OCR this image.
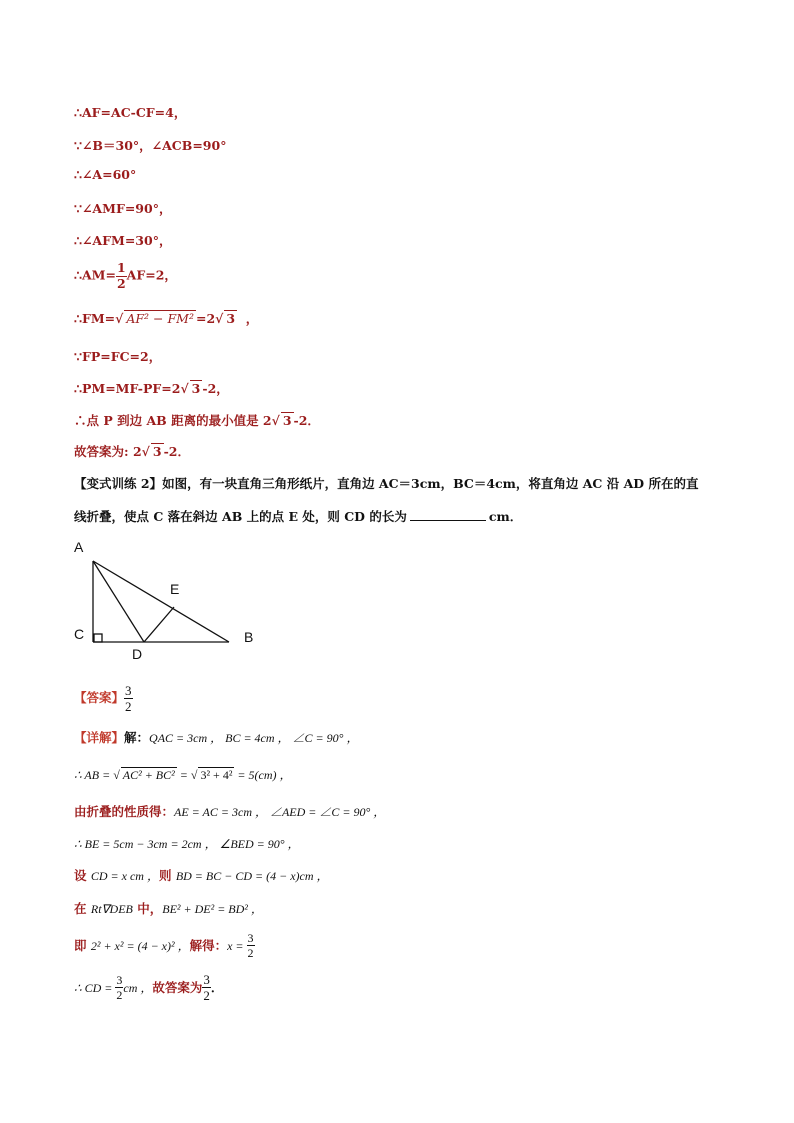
∴AF=AC-CF=4，
∵∠B＝30°，∠ACB=90°
∴∠A=60°
∵∠AMF=90°，
∴∠AFM=30°，
∴AM= $\frac{1}{2} AF=2$，
∴FM= √ AF² − FM² =2 √ 3 ，
∵FP=FC=2，
∴PM=MF-PF=2 √ 3 -2，
∴点 P 到边 AB 距离的最小值是 2 √ 3 -2．
故答案为: 2 √ 3 -2．
【变式训练 2】如图，有一块直角三角形纸片，直角边 AC＝3cm，BC＝4cm，将直角边 AC 沿 AD 所在的直
线折叠，使点 C 落在斜边 AB 上的点 E 处，则 CD 的长为	cm．
A
E
C	B
D
【答案】 $\frac{3}{2}$
【详解】解：QAC = 3cm ， BC = 4cm ， ∠C = 90° ，
∴ AB = √ AC² + BC² = √ 3² + 4² = 5(cm) ，
由折叠的性质得：AE = AC = 3cm ， ∠AED = ∠C = 90° ，
∴ BE = 5cm − 3cm = 2cm ， ∠BED = 90° ，
设 CD = x cm ，则 BD = BC − CD = (4 − x)cm ，
在 Rt∇DEB 中，BE² + DE² = BD² ，
即 2² + x² = (4 − x)² ，解得：$x = \frac{3}{2}$
∴ CD = $\frac{3}{2}$ cm ，故答案为 $\frac{3}{2}$ ．
